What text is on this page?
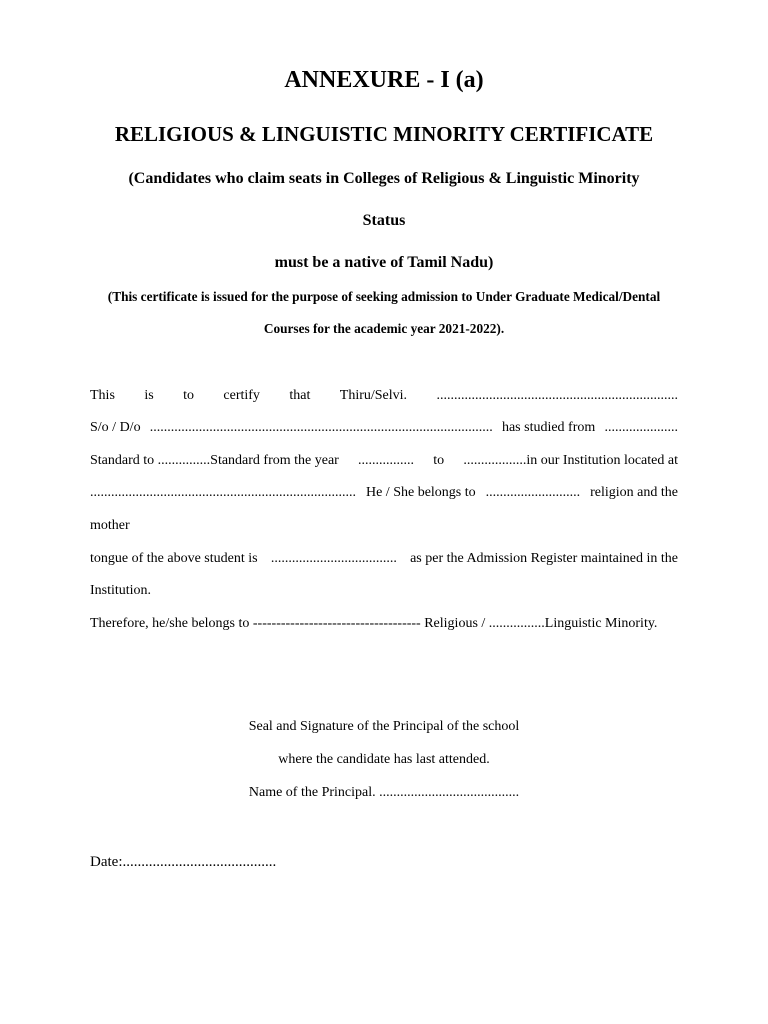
ANNEXURE - I (a)
RELIGIOUS & LINGUISTIC MINORITY CERTIFICATE
(Candidates who claim seats in Colleges of Religious & Linguistic Minority
Status
must be a native of Tamil Nadu)
(This certificate is issued for the purpose of seeking admission to Under Graduate Medical/Dental
Courses for the academic year 2021-2022).
This is to certify that Thiru/Selvi. .....................................................................
S/o / D/o .................................................................................................. has studied from .....................
Standard to ...............Standard from the year ................ to ..................in our Institution located at
............................................................................ He / She belongs to ........................... religion and the
mother
tongue of the above student is .................................... as per the Admission Register maintained in the
Institution.
Therefore, he/she belongs to ------------------------------------ Religious / ................Linguistic Minority.
Seal and Signature of the Principal of the school
where the candidate has last attended.
Name of the Principal. ........................................
Date:.........................................
